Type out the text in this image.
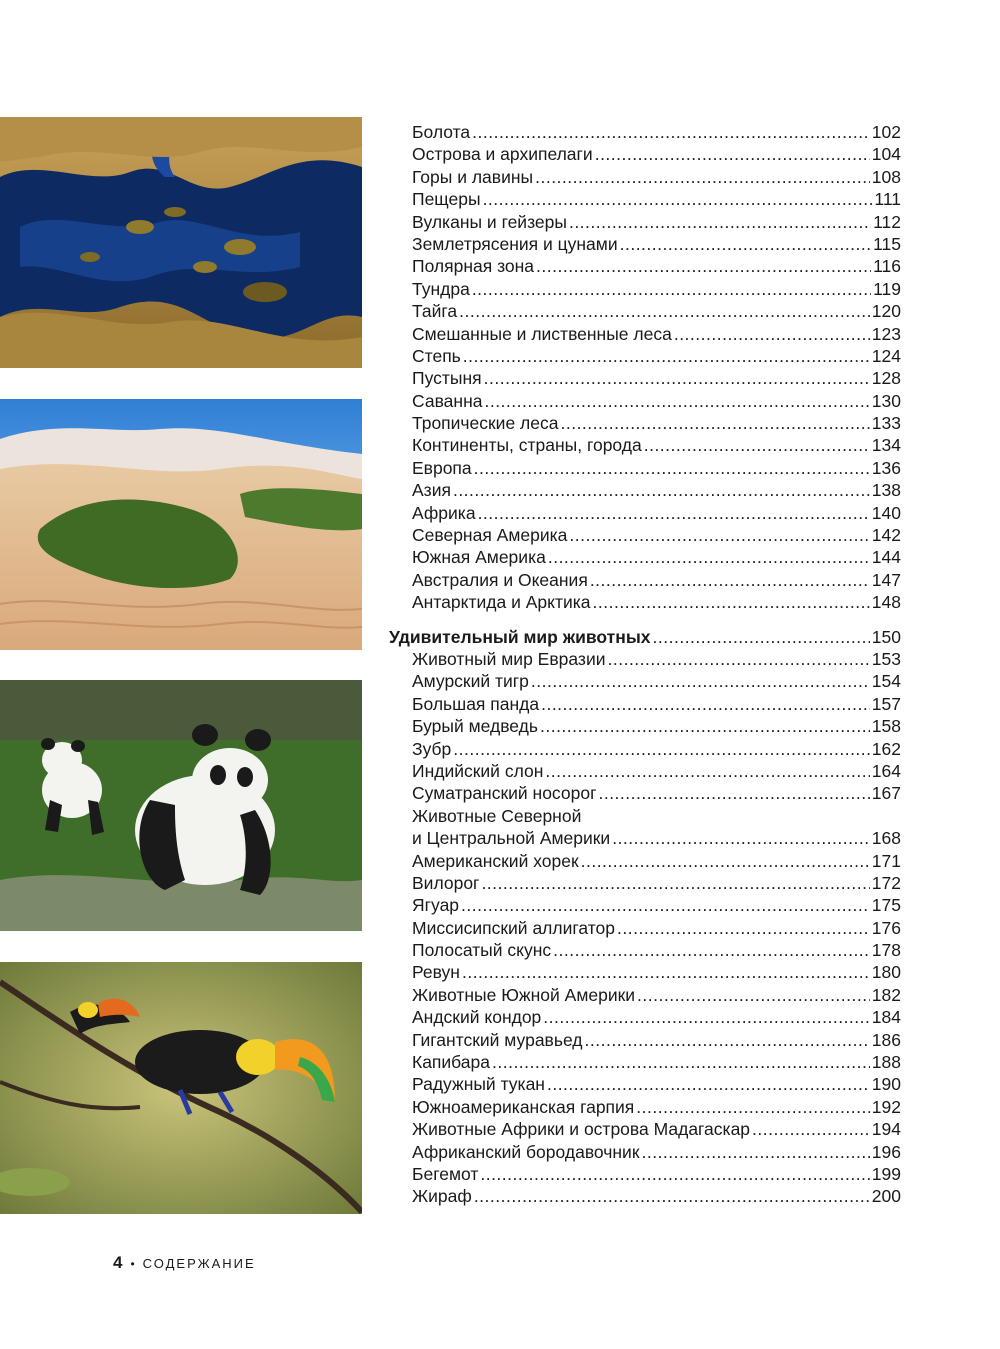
Болота .....	102
Острова и архипелаги .....	104
Горы и лавины .....	108
Пещеры .....	111
Вулканы и гейзеры .....	112
Землетрясения и цунами .....	115
Полярная зона .....	116
Тундра .....	119
Тайга .....	120
Смешанные и лиственные леса .....	123
Степь .....	124
Пустыня .....	128
Саванна .....	130
Тропические леса .....	133
Континенты, страны, города .....	134
Европа .....	136
Азия .....	138
Африка .....	140
Северная Америка .....	142
Южная Америка .....	144
Австралия и Океания .....	147
Антарктида и Арктика .....	148
Удивительный мир животных .....	150
Животный мир Евразии .....	153
Амурский тигр .....	154
Большая панда .....	157
Бурый медведь .....	158
Зубр .....	162
Индийский слон .....	164
Суматранский носорог .....	167
Животные Северной
и Центральной Америки .....	168
Американский хорек .....	171
Вилорог .....	172
Ягуар .....	175
Миссисипский аллигатор .....	176
Полосатый скунс .....	178
Ревун .....	180
Животные Южной Америки .....	182
Андский кондор .....	184
Гигантский муравьед .....	186
Капибара .....	188
Радужный тукан .....	190
Южноамериканская гарпия .....	192
Животные Африки и острова Мадагаскар .....	194
Африканский бородавочник .....	196
Бегемот .....	199
Жираф .....	200
4 • СОДЕРЖАНИЕ
